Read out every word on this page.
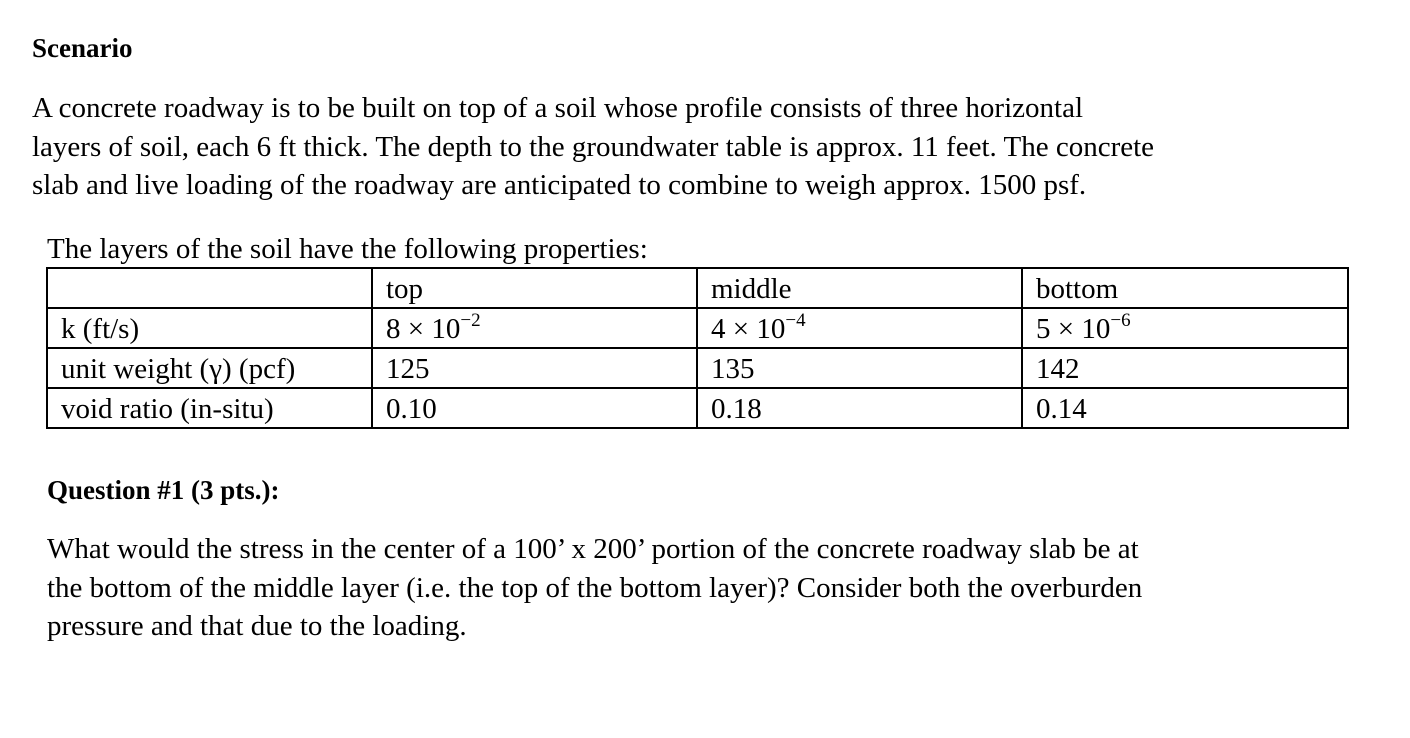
Scenario
A concrete roadway is to be built on top of a soil whose profile consists of three horizontal
layers of soil, each 6 ft thick. The depth to the groundwater table is approx. 11 feet. The concrete
slab and live loading of the roadway are anticipated to combine to weigh approx. 1500 psf.
The layers of the soil have the following properties:
	top	middle	bottom
k (ft/s)	$8 \times 10^{-2}$	$4 \times 10^{-4}$	$5 \times 10^{-6}$
unit weight (γ) (pcf)	125	135	142
void ratio (in-situ)	0.10	0.18	0.14
Question #1 (3 pts.):
What would the stress in the center of a 100’ x 200’ portion of the concrete roadway slab be at
the bottom of the middle layer (i.e. the top of the bottom layer)? Consider both the overburden
pressure and that due to the loading.
